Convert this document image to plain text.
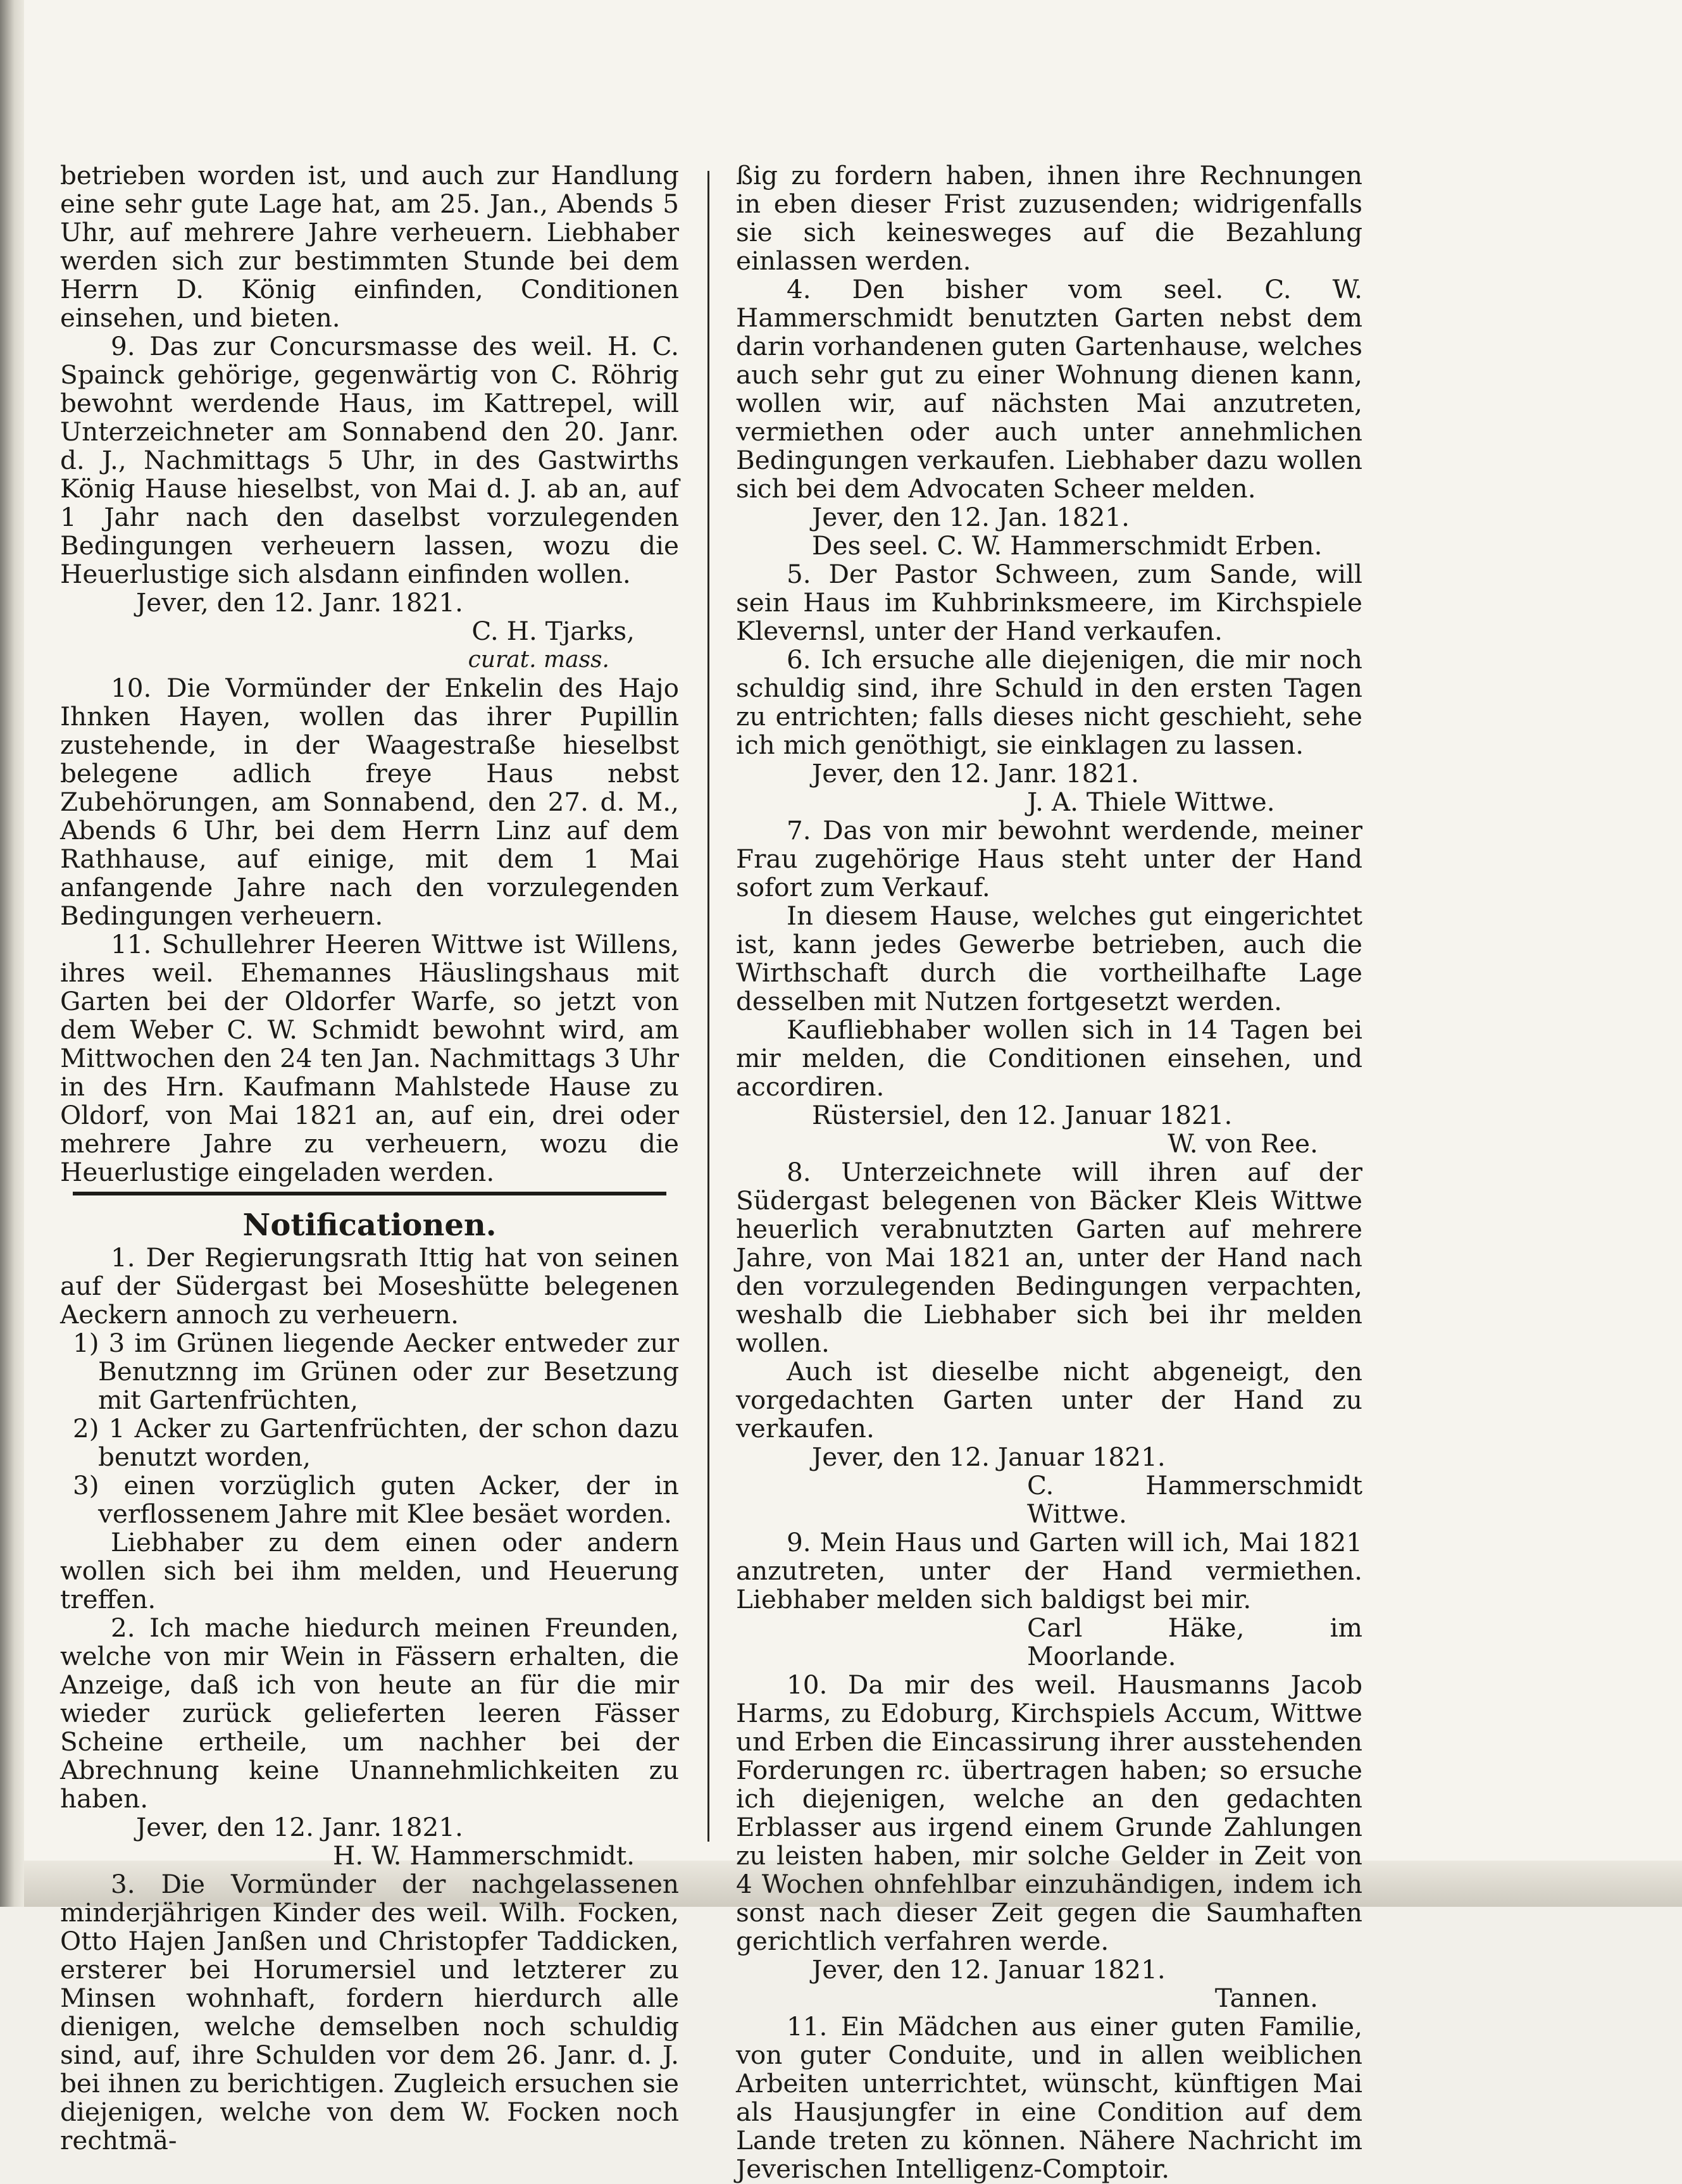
betrieben worden ist, und auch zur Handlung eine sehr gute Lage hat, am 25. Jan., Abends 5 Uhr, auf mehrere Jahre verheuern. Liebhaber werden sich zur bestimmten Stunde bei dem Herrn D. König einfinden, Conditionen einsehen, und bieten.

9. Das zur Concursmasse des weil. H. C. Spainck gehörige, gegenwärtig von C. Röhrig bewohnt werdende Haus, im Kattrepel, will Unterzeichneter am Sonnabend den 20. Janr. d. J., Nachmittags 5 Uhr, in des Gastwirths König Hause hieselbst, von Mai d. J. ab an, auf 1 Jahr nach den daselbst vorzulegenden Bedingungen verheuern lassen, wozu die Heuerlustige sich alsdann einfinden wollen.

Jever, den 12. Janr. 1821.

C. H. Tjarks,

curat. mass.

10. Die Vormünder der Enkelin des Hajo Ihnken Hayen, wollen das ihrer Pupillin zustehende, in der Waagestraße hieselbst belegene adlich freye Haus nebst Zubehörungen, am Sonnabend, den 27. d. M., Abends 6 Uhr, bei dem Herrn Linz auf dem Rathhause, auf einige, mit dem 1 Mai anfangende Jahre nach den vorzulegenden Bedingungen verheuern.

11. Schullehrer Heeren Wittwe ist Willens, ihres weil. Ehemannes Häuslingshaus mit Garten bei der Oldorfer Warfe, so jetzt von dem Weber C. W. Schmidt bewohnt wird, am Mittwochen den 24 ten Jan. Nachmittags 3 Uhr in des Hrn. Kaufmann Mahlstede Hause zu Oldorf, von Mai 1821 an, auf ein, drei oder mehrere Jahre zu verheuern, wozu die Heuerlustige eingeladen werden.

Notificationen.

1. Der Regierungsrath Ittig hat von seinen auf der Südergast bei Moseshütte belegenen Aeckern annoch zu verheuern.

1) 3 im Grünen liegende Aecker entweder zur Benutznng im Grünen oder zur Besetzung mit Gartenfrüchten,

2) 1 Acker zu Gartenfrüchten, der schon dazu benutzt worden,

3) einen vorzüglich guten Acker, der in verflossenem Jahre mit Klee besäet worden.

Liebhaber zu dem einen oder andern wollen sich bei ihm melden, und Heuerung treffen.

2. Ich mache hiedurch meinen Freunden, welche von mir Wein in Fässern erhalten, die Anzeige, daß ich von heute an für die mir wieder zurück gelieferten leeren Fässer Scheine ertheile, um nachher bei der Abrechnung keine Unannehmlichkeiten zu haben.

Jever, den 12. Janr. 1821.

H. W. Hammerschmidt.

3. Die Vormünder der nachgelassenen minderjährigen Kinder des weil. Wilh. Focken, Otto Hajen Janßen und Christopfer Taddicken, ersterer bei Horumersiel und letzterer zu Minsen wohnhaft, fordern hierdurch alle dienigen, welche demselben noch schuldig sind, auf, ihre Schulden vor dem 26. Janr. d. J. bei ihnen zu berichtigen. Zugleich ersuchen sie diejenigen, welche von dem W. Focken noch rechtmä-

ßig zu fordern haben, ihnen ihre Rechnungen in eben dieser Frist zuzusenden; widrigenfalls sie sich keinesweges auf die Bezahlung einlassen werden.

4. Den bisher vom seel. C. W. Hammerschmidt benutzten Garten nebst dem darin vorhandenen guten Gartenhause, welches auch sehr gut zu einer Wohnung dienen kann, wollen wir, auf nächsten Mai anzutreten, vermiethen oder auch unter annehmlichen Bedingungen verkaufen. Liebhaber dazu wollen sich bei dem Advocaten Scheer melden.

Jever, den 12. Jan. 1821.

Des seel. C. W. Hammerschmidt Erben.

5. Der Pastor Schween, zum Sande, will sein Haus im Kuhbrinksmeere, im Kirchspiele Klevernsl, unter der Hand verkaufen.

6. Ich ersuche alle diejenigen, die mir noch schuldig sind, ihre Schuld in den ersten Tagen zu entrichten; falls dieses nicht geschieht, sehe ich mich genöthigt, sie einklagen zu lassen.

Jever, den 12. Janr. 1821.

J. A. Thiele Wittwe.

7. Das von mir bewohnt werdende, meiner Frau zugehörige Haus steht unter der Hand sofort zum Verkauf.

In diesem Hause, welches gut eingerichtet ist, kann jedes Gewerbe betrieben, auch die Wirthschaft durch die vortheilhafte Lage desselben mit Nutzen fortgesetzt werden.

Kaufliebhaber wollen sich in 14 Tagen bei mir melden, die Conditionen einsehen, und accordiren.

Rüstersiel, den 12. Januar 1821.

W. von Ree.

8. Unterzeichnete will ihren auf der Südergast belegenen von Bäcker Kleis Wittwe heuerlich verabnutzten Garten auf mehrere Jahre, von Mai 1821 an, unter der Hand nach den vorzulegenden Bedingungen verpachten, weshalb die Liebhaber sich bei ihr melden wollen.

Auch ist dieselbe nicht abgeneigt, den vorgedachten Garten unter der Hand zu verkaufen.

Jever, den 12. Januar 1821.

C. Hammerschmidt Wittwe.

9. Mein Haus und Garten will ich, Mai 1821 anzutreten, unter der Hand vermiethen. Liebhaber melden sich baldigst bei mir.

Carl Häke, im Moorlande.

10. Da mir des weil. Hausmanns Jacob Harms, zu Edoburg, Kirchspiels Accum, Wittwe und Erben die Eincassirung ihrer ausstehenden Forderungen rc. übertragen haben; so ersuche ich diejenigen, welche an den gedachten Erblasser aus irgend einem Grunde Zahlungen zu leisten haben, mir solche Gelder in Zeit von 4 Wochen ohnfehlbar einzuhändigen, indem ich sonst nach dieser Zeit gegen die Saumhaften gerichtlich verfahren werde.

Jever, den 12. Januar 1821.

Tannen.

11. Ein Mädchen aus einer guten Familie, von guter Conduite, und in allen weiblichen Arbeiten unterrichtet, wünscht, künftigen Mai als Hausjungfer in eine Condition auf dem Lande treten zu können. Nähere Nachricht im Jeverischen Intelligenz-Comptoir.
